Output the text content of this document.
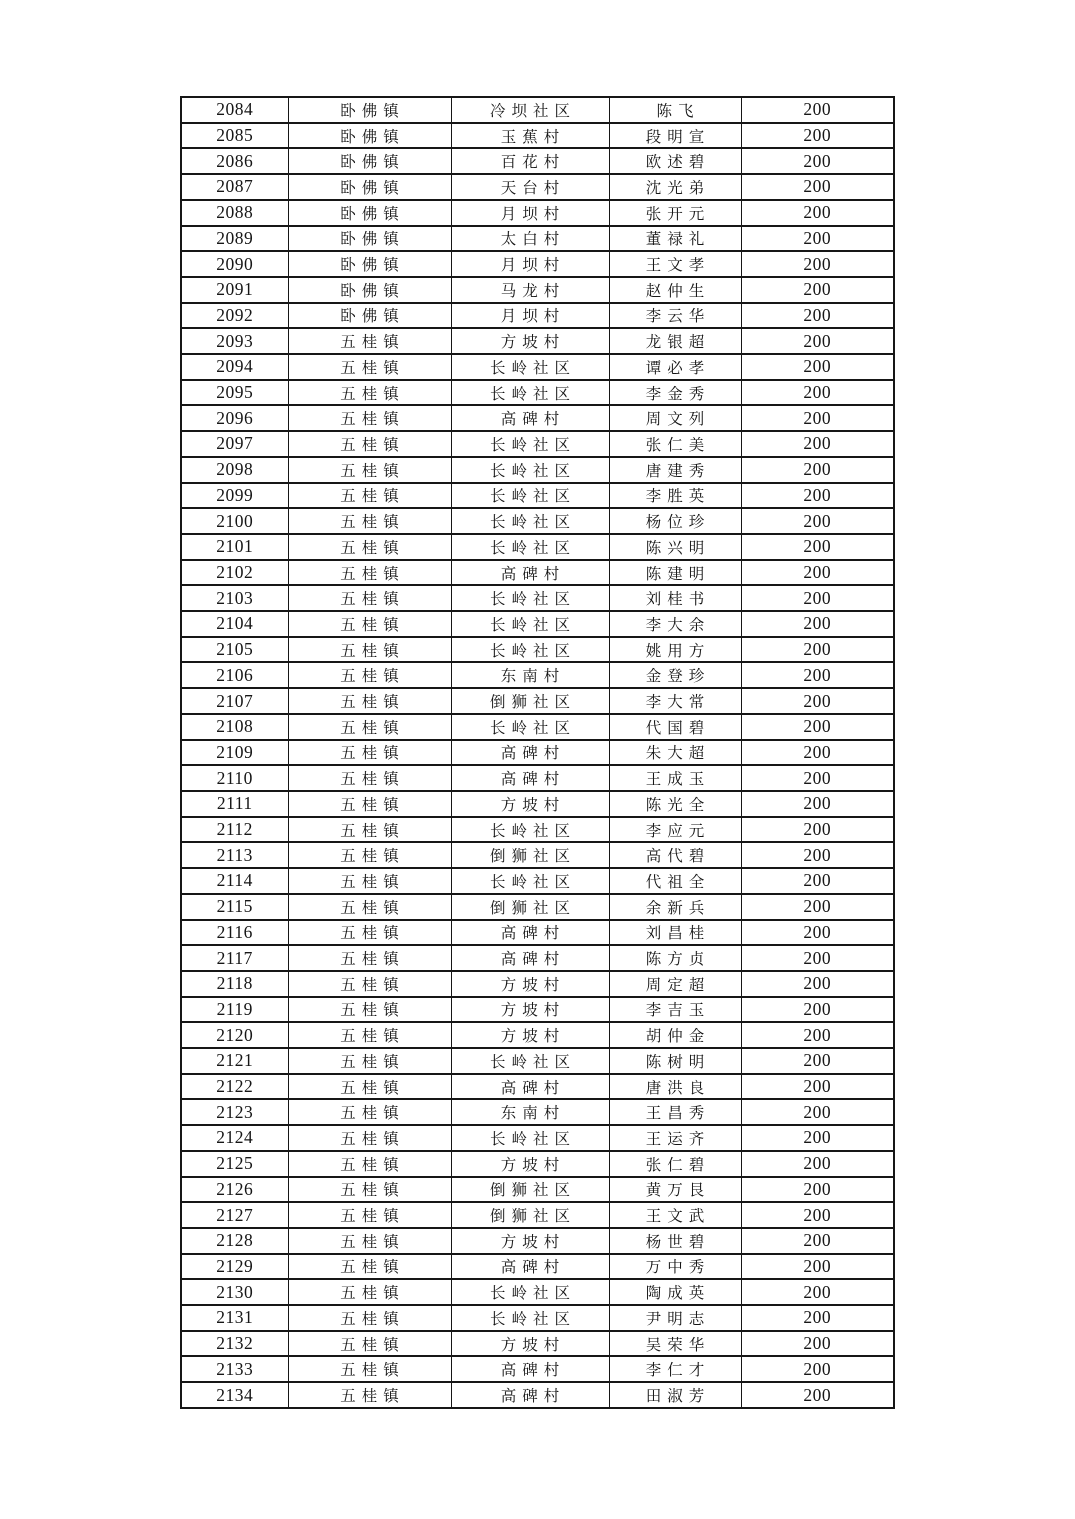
2084	卧佛镇	冷坝社区	陈飞	200
2085	卧佛镇	玉蕉村	段明宣	200
2086	卧佛镇	百花村	欧述碧	200
2087	卧佛镇	天台村	沈光弟	200
2088	卧佛镇	月坝村	张开元	200
2089	卧佛镇	太白村	董禄礼	200
2090	卧佛镇	月坝村	王文孝	200
2091	卧佛镇	马龙村	赵仲生	200
2092	卧佛镇	月坝村	李云华	200
2093	五桂镇	方坡村	龙银超	200
2094	五桂镇	长岭社区	谭必孝	200
2095	五桂镇	长岭社区	李金秀	200
2096	五桂镇	高碑村	周文列	200
2097	五桂镇	长岭社区	张仁美	200
2098	五桂镇	长岭社区	唐建秀	200
2099	五桂镇	长岭社区	李胜英	200
2100	五桂镇	长岭社区	杨位珍	200
2101	五桂镇	长岭社区	陈兴明	200
2102	五桂镇	高碑村	陈建明	200
2103	五桂镇	长岭社区	刘桂书	200
2104	五桂镇	长岭社区	李大余	200
2105	五桂镇	长岭社区	姚用方	200
2106	五桂镇	东南村	金登珍	200
2107	五桂镇	倒狮社区	李大常	200
2108	五桂镇	长岭社区	代国碧	200
2109	五桂镇	高碑村	朱大超	200
2110	五桂镇	高碑村	王成玉	200
2111	五桂镇	方坡村	陈光全	200
2112	五桂镇	长岭社区	李应元	200
2113	五桂镇	倒狮社区	高代碧	200
2114	五桂镇	长岭社区	代祖全	200
2115	五桂镇	倒狮社区	余新兵	200
2116	五桂镇	高碑村	刘昌桂	200
2117	五桂镇	高碑村	陈方贞	200
2118	五桂镇	方坡村	周定超	200
2119	五桂镇	方坡村	李吉玉	200
2120	五桂镇	方坡村	胡仲金	200
2121	五桂镇	长岭社区	陈树明	200
2122	五桂镇	高碑村	唐洪良	200
2123	五桂镇	东南村	王昌秀	200
2124	五桂镇	长岭社区	王运齐	200
2125	五桂镇	方坡村	张仁碧	200
2126	五桂镇	倒狮社区	黄万艮	200
2127	五桂镇	倒狮社区	王文武	200
2128	五桂镇	方坡村	杨世碧	200
2129	五桂镇	高碑村	万中秀	200
2130	五桂镇	长岭社区	陶成英	200
2131	五桂镇	长岭社区	尹明志	200
2132	五桂镇	方坡村	吴荣华	200
2133	五桂镇	高碑村	李仁才	200
2134	五桂镇	高碑村	田淑芳	200
